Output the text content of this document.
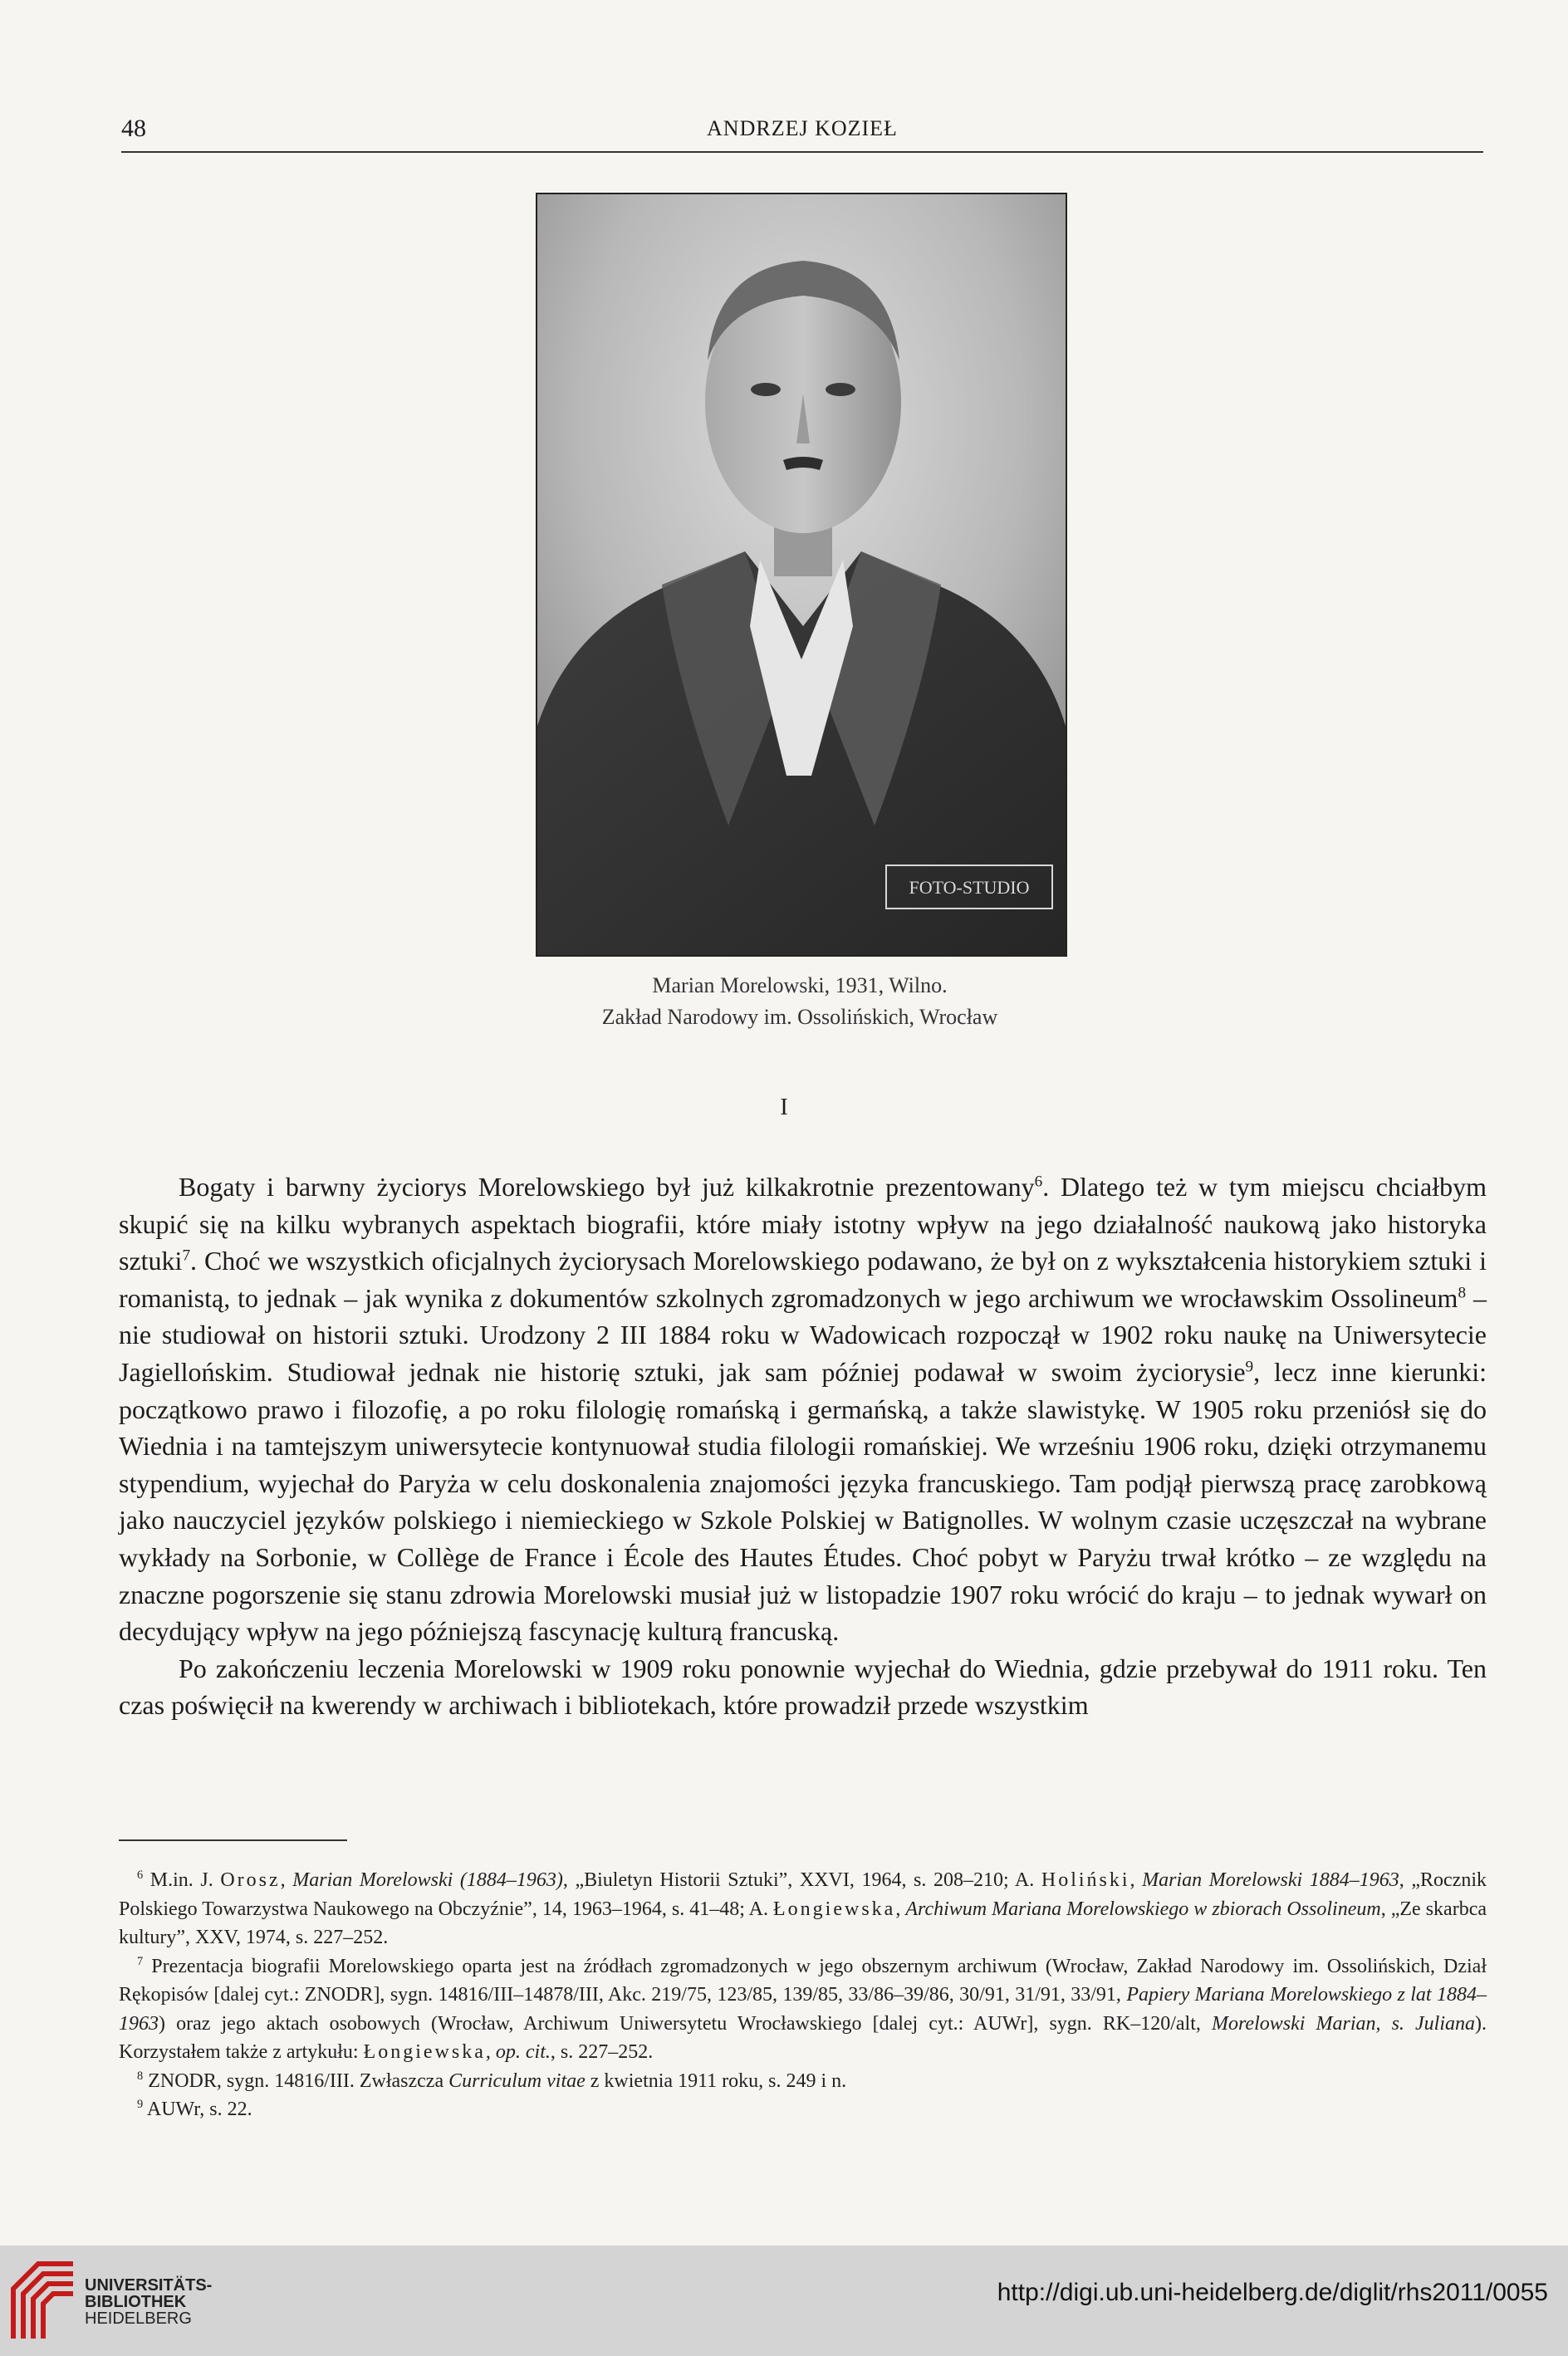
48	ANDRZEJ KOZIEŁ
FOTO-STUDIO
Marian Morelowski, 1931, Wilno.
Zakład Narodowy im. Ossolińskich, Wrocław
I

Bogaty i barwny życiorys Morelowskiego był już kilkakrotnie prezentowany$^6$. Dlatego też w tym miejscu chciałbym skupić się na kilku wybranych aspektach biografii, które miały istotny wpływ na jego działalność naukową jako historyka sztuki$^7$. Choć we wszystkich oficjalnych życiorysach Morelowskiego podawano, że był on z wykształcenia historykiem sztuki i romanistą, to jednak – jak wynika z dokumentów szkolnych zgromadzonych w jego archiwum we wrocławskim Ossolineum$^8$ – nie studiował on historii sztuki. Urodzony 2 III 1884 roku w Wadowicach rozpoczął w 1902 roku naukę na Uniwersytecie Jagiellońskim. Studiował jednak nie historię sztuki, jak sam później podawał w swoim życiorysie$^9$, lecz inne kierunki: początkowo prawo i filozofię, a po roku filologię romańską i germańską, a także slawistykę. W 1905 roku przeniósł się do Wiednia i na tamtejszym uniwersytecie kontynuował studia filologii romańskiej. We wrześniu 1906 roku, dzięki otrzymanemu stypendium, wyjechał do Paryża w celu doskonalenia znajomości języka francuskiego. Tam podjął pierwszą pracę zarobkową jako nauczyciel języków polskiego i niemieckiego w Szkole Polskiej w Batignolles. W wolnym czasie uczęszczał na wybrane wykłady na Sorbonie, w Collège de France i École des Hautes Études. Choć pobyt w Paryżu trwał krótko – ze względu na znaczne pogorszenie się stanu zdrowia Morelowski musiał już w listopadzie 1907 roku wrócić do kraju – to jednak wywarł on decydujący wpływ na jego późniejszą fascynację kulturą francuską.

Po zakończeniu leczenia Morelowski w 1909 roku ponownie wyjechał do Wiednia, gdzie przebywał do 1911 roku. Ten czas poświęcił na kwerendy w archiwach i bibliotekach, które prowadził przede wszystkim

$^6$ M.in. J. Orosz, Marian Morelowski (1884–1963), „Biuletyn Historii Sztuki”, XXVI, 1964, s. 208–210; A. Holiński, Marian Morelowski 1884–1963, „Rocznik Polskiego Towarzystwa Naukowego na Obczyźnie”, 14, 1963–1964, s. 41–48; A. Łongiewska, Archiwum Mariana Morelowskiego w zbiorach Ossolineum, „Ze skarbca kultury”, XXV, 1974, s. 227–252.

$^7$ Prezentacja biografii Morelowskiego oparta jest na źródłach zgromadzonych w jego obszernym archiwum (Wrocław, Zakład Narodowy im. Ossolińskich, Dział Rękopisów [dalej cyt.: ZNODR], sygn. 14816/III–14878/III, Akc. 219/75, 123/85, 139/85, 33/86–39/86, 30/91, 31/91, 33/91, Papiery Mariana Morelowskiego z lat 1884–1963) oraz jego aktach osobowych (Wrocław, Archiwum Uniwersytetu Wrocławskiego [dalej cyt.: AUWr], sygn. RK–120/alt, Morelowski Marian, s. Juliana). Korzystałem także z artykułu: Łongiewska, op. cit., s. 227–252.

$^8$ ZNODR, sygn. 14816/III. Zwłaszcza Curriculum vitae z kwietnia 1911 roku, s. 249 i n.

$^9$ AUWr, s. 22.

UNIVERSITÄTS-
BIBLIOTHEK
HEIDELBERG
http://digi.ub.uni-heidelberg.de/diglit/rhs2011/0055
